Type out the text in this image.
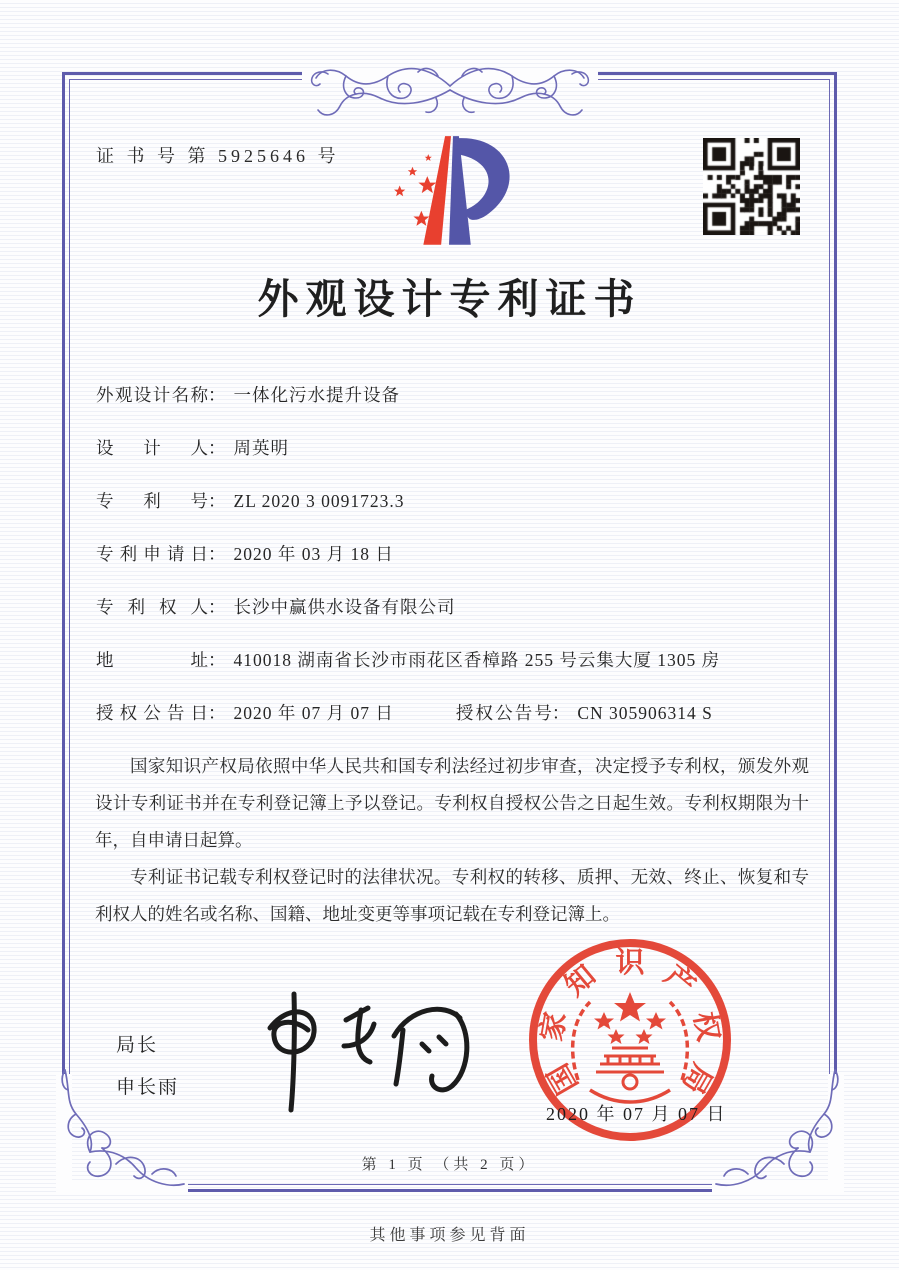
证 书 号 第 5925646 号
外观设计专利证书
外观设计名称： 一体化污水提升设备
设计人： 周英明
专利号： ZL 2020 3 0091723.3
专利申请日： 2020 年 03 月 18 日
专利权人： 长沙中赢供水设备有限公司
地址： 410018 湖南省长沙市雨花区香樟路 255 号云集大厦 1305 房
授权公告日： 2020 年 07 月 07 日	授权公告号： CN 305906314 S

国家知识产权局依照中华人民共和国专利法经过初步审查，决定授予专利权，颁发外观设计专利证书并在专利登记簿上予以登记。专利权自授权公告之日起生效。专利权期限为十年，自申请日起算。

专利证书记载专利权登记时的法律状况。专利权的转移、质押、无效、终止、恢复和专利权人的姓名或名称、国籍、地址变更等事项记载在专利登记簿上。

局长
申长雨	国
家
知 识 产
权
局
2020 年 07 月 07 日
第 1 页 （共 2 页）
其他事项参见背面
